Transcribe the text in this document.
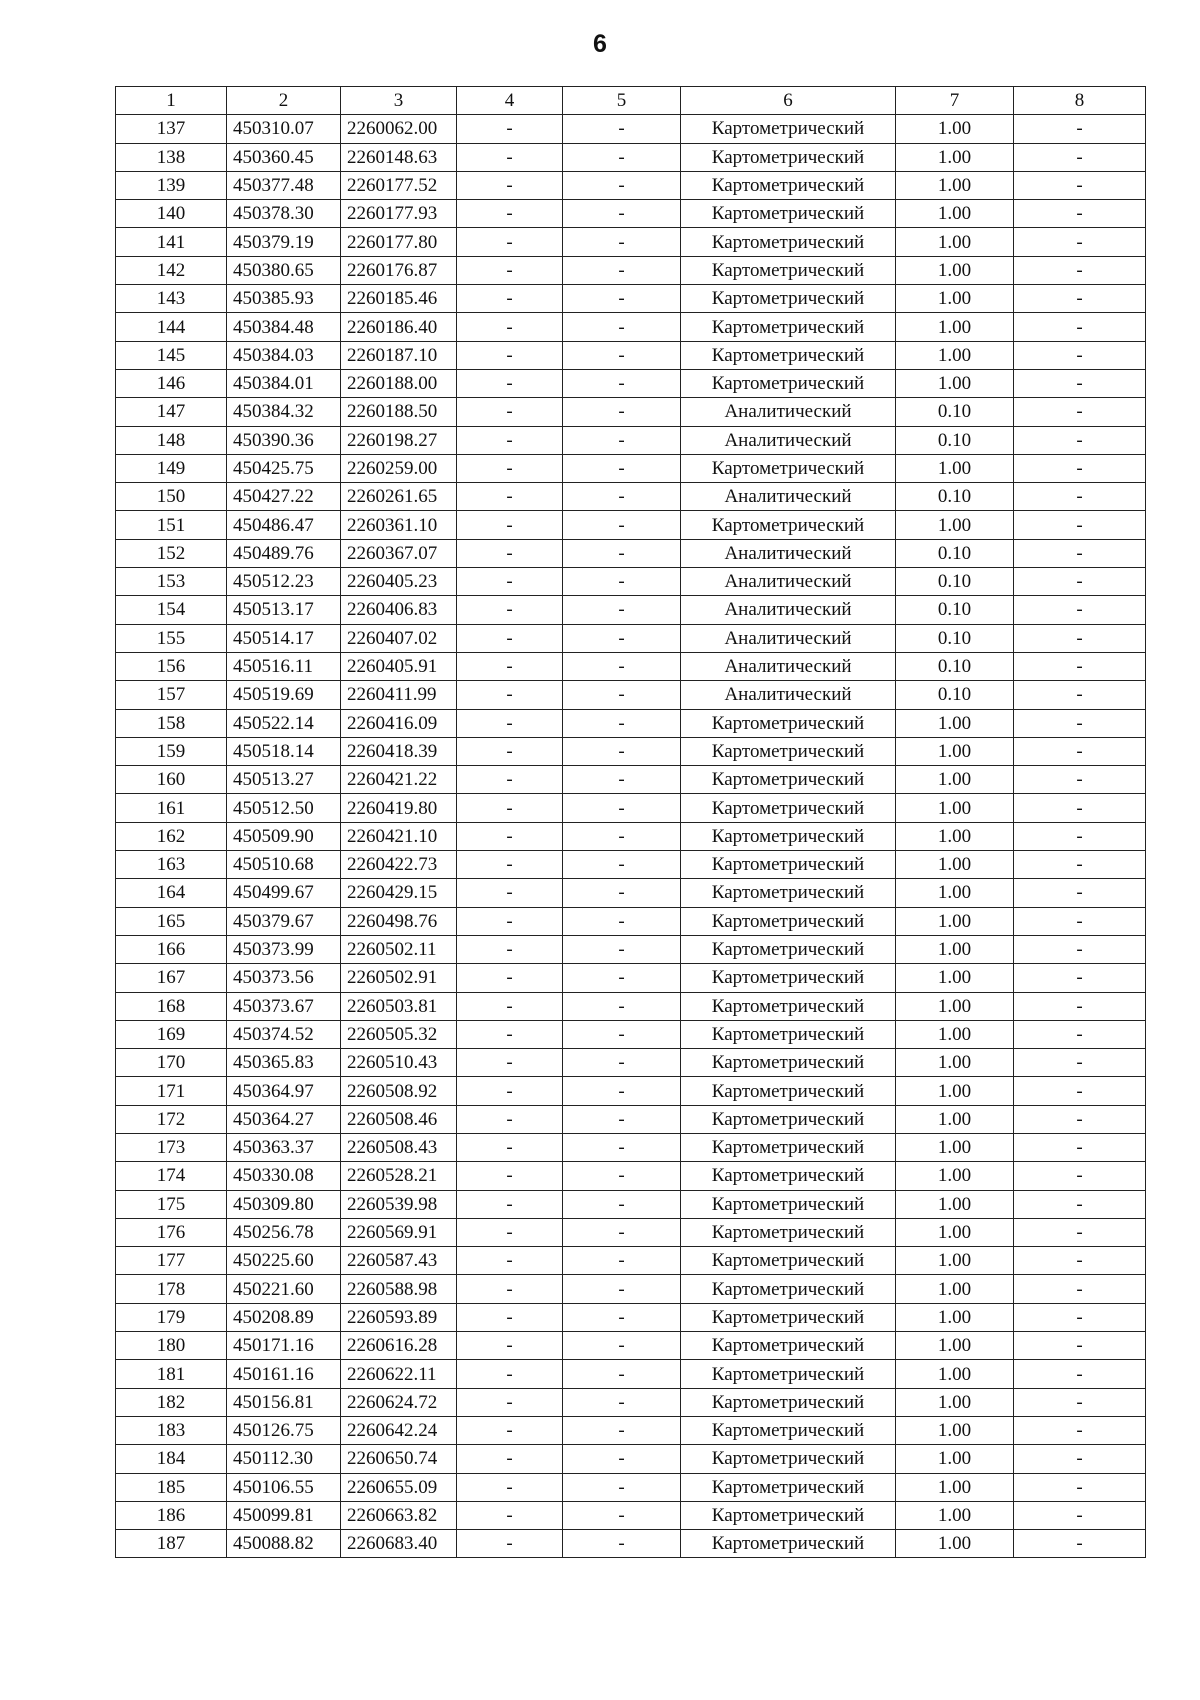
6
1	2	3	4	5	6	7	8
137	450310.07	2260062.00	-	-	Картометрический	1.00	-
138	450360.45	2260148.63	-	-	Картометрический	1.00	-
139	450377.48	2260177.52	-	-	Картометрический	1.00	-
140	450378.30	2260177.93	-	-	Картометрический	1.00	-
141	450379.19	2260177.80	-	-	Картометрический	1.00	-
142	450380.65	2260176.87	-	-	Картометрический	1.00	-
143	450385.93	2260185.46	-	-	Картометрический	1.00	-
144	450384.48	2260186.40	-	-	Картометрический	1.00	-
145	450384.03	2260187.10	-	-	Картометрический	1.00	-
146	450384.01	2260188.00	-	-	Картометрический	1.00	-
147	450384.32	2260188.50	-	-	Аналитический	0.10	-
148	450390.36	2260198.27	-	-	Аналитический	0.10	-
149	450425.75	2260259.00	-	-	Картометрический	1.00	-
150	450427.22	2260261.65	-	-	Аналитический	0.10	-
151	450486.47	2260361.10	-	-	Картометрический	1.00	-
152	450489.76	2260367.07	-	-	Аналитический	0.10	-
153	450512.23	2260405.23	-	-	Аналитический	0.10	-
154	450513.17	2260406.83	-	-	Аналитический	0.10	-
155	450514.17	2260407.02	-	-	Аналитический	0.10	-
156	450516.11	2260405.91	-	-	Аналитический	0.10	-
157	450519.69	2260411.99	-	-	Аналитический	0.10	-
158	450522.14	2260416.09	-	-	Картометрический	1.00	-
159	450518.14	2260418.39	-	-	Картометрический	1.00	-
160	450513.27	2260421.22	-	-	Картометрический	1.00	-
161	450512.50	2260419.80	-	-	Картометрический	1.00	-
162	450509.90	2260421.10	-	-	Картометрический	1.00	-
163	450510.68	2260422.73	-	-	Картометрический	1.00	-
164	450499.67	2260429.15	-	-	Картометрический	1.00	-
165	450379.67	2260498.76	-	-	Картометрический	1.00	-
166	450373.99	2260502.11	-	-	Картометрический	1.00	-
167	450373.56	2260502.91	-	-	Картометрический	1.00	-
168	450373.67	2260503.81	-	-	Картометрический	1.00	-
169	450374.52	2260505.32	-	-	Картометрический	1.00	-
170	450365.83	2260510.43	-	-	Картометрический	1.00	-
171	450364.97	2260508.92	-	-	Картометрический	1.00	-
172	450364.27	2260508.46	-	-	Картометрический	1.00	-
173	450363.37	2260508.43	-	-	Картометрический	1.00	-
174	450330.08	2260528.21	-	-	Картометрический	1.00	-
175	450309.80	2260539.98	-	-	Картометрический	1.00	-
176	450256.78	2260569.91	-	-	Картометрический	1.00	-
177	450225.60	2260587.43	-	-	Картометрический	1.00	-
178	450221.60	2260588.98	-	-	Картометрический	1.00	-
179	450208.89	2260593.89	-	-	Картометрический	1.00	-
180	450171.16	2260616.28	-	-	Картометрический	1.00	-
181	450161.16	2260622.11	-	-	Картометрический	1.00	-
182	450156.81	2260624.72	-	-	Картометрический	1.00	-
183	450126.75	2260642.24	-	-	Картометрический	1.00	-
184	450112.30	2260650.74	-	-	Картометрический	1.00	-
185	450106.55	2260655.09	-	-	Картометрический	1.00	-
186	450099.81	2260663.82	-	-	Картометрический	1.00	-
187	450088.82	2260683.40	-	-	Картометрический	1.00	-
